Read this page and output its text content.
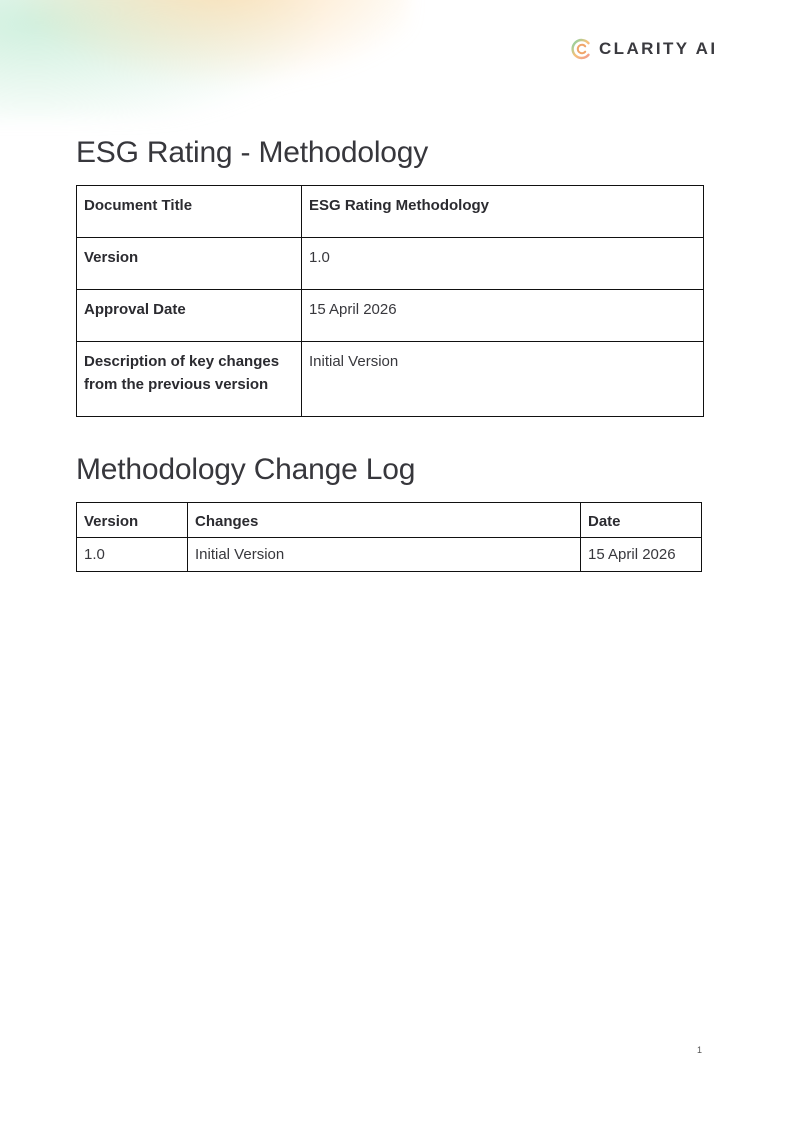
CLARITY AI
ESG Rating - Methodology
Document Title	ESG Rating Methodology
Version	1.0
Approval Date	15 April 2026
Description of key changes from the previous version	Initial Version
Methodology Change Log
Version	Changes	Date
1.0	Initial Version	15 April 2026
1
